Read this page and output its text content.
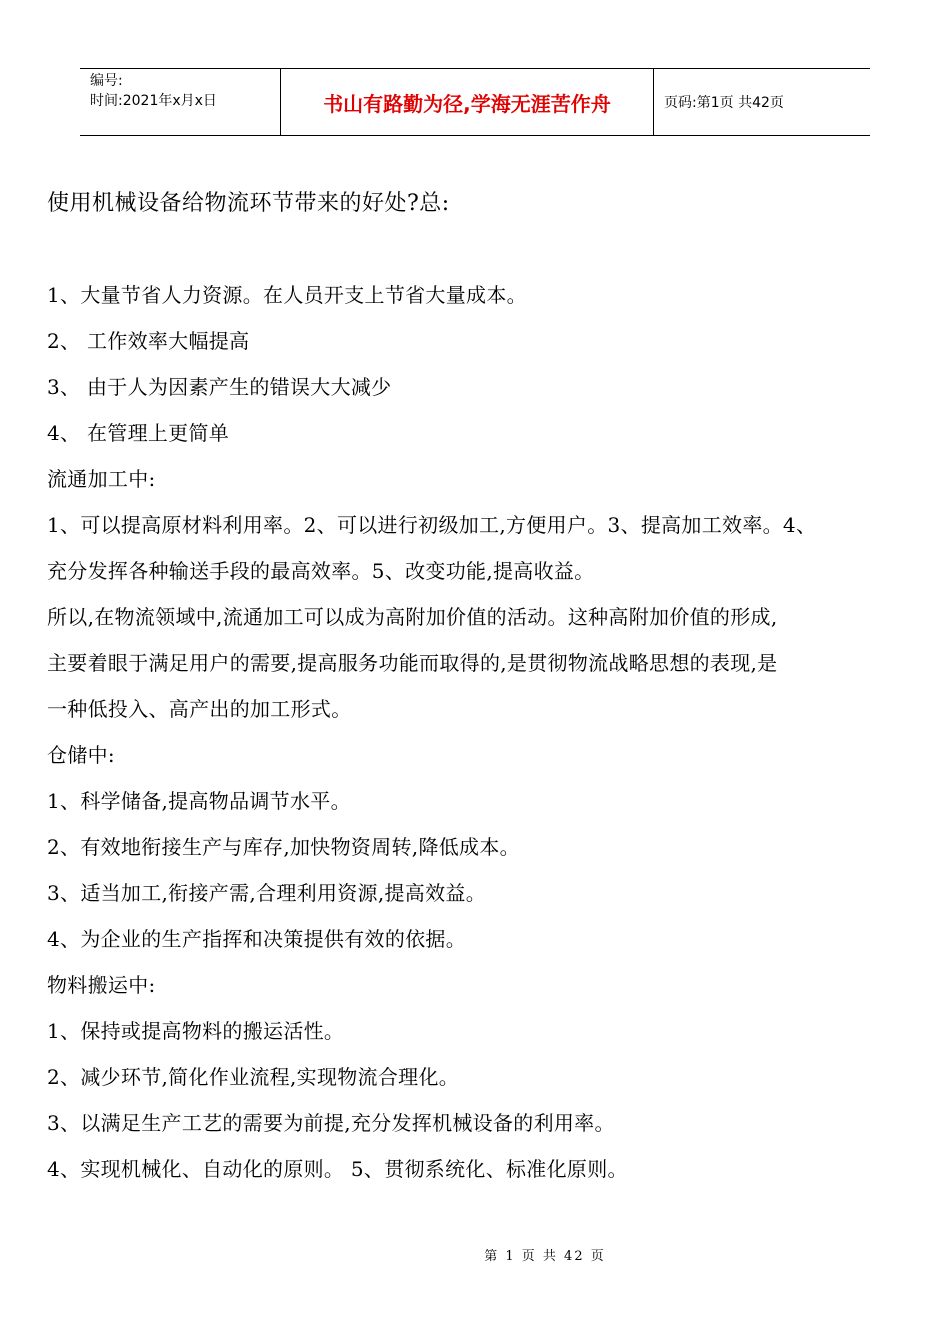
编号:
时间:2021年x月x日	书山有路勤为径,学海无涯苦作舟	页码:第1页 共42页
使用机械设备给物流环节带来的好处?总:
1、大量节省人力资源。在人员开支上节省大量成本。
2、 工作效率大幅提高
3、 由于人为因素产生的错误大大减少
4、 在管理上更简单
流通加工中:
1、可以提高原材料利用率。2、可以进行初级加工,方便用户。3、提高加工效率。4、
充分发挥各种输送手段的最高效率。5、改变功能,提高收益。
所以,在物流领域中,流通加工可以成为高附加价值的活动。这种高附加价值的形成,
主要着眼于满足用户的需要,提高服务功能而取得的,是贯彻物流战略思想的表现,是
一种低投入、高产出的加工形式。
仓储中:
1、科学储备,提高物品调节水平。
2、有效地衔接生产与库存,加快物资周转,降低成本。
3、适当加工,衔接产需,合理利用资源,提高效益。
4、为企业的生产指挥和决策提供有效的依据。
物料搬运中:
1、保持或提高物料的搬运活性。
2、减少环节,简化作业流程,实现物流合理化。
3、以满足生产工艺的需要为前提,充分发挥机械设备的利用率。
4、实现机械化、自动化的原则。 5、贯彻系统化、标准化原则。
第 1 页 共 42 页
